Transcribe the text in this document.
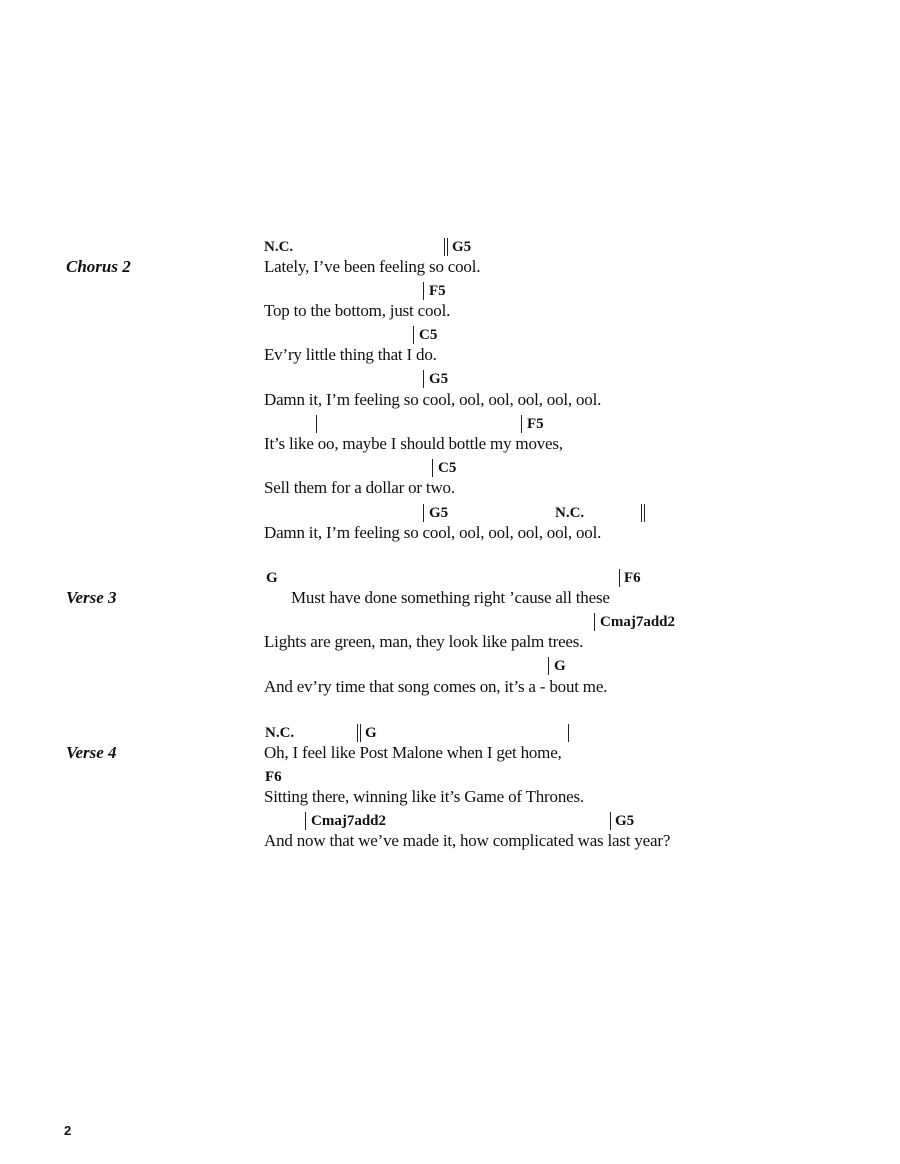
Chorus 2
N.C.	G5
Lately, I’ve been feeling so cool.
F5
Top to the bottom, just cool.
C5
Ev’ry little thing that I do.
G5
Damn it, I’m feeling so cool, ool, ool, ool, ool, ool.
F5
It’s like oo, maybe I should bottle my moves,
C5
Sell them for a dollar or two.
G5	N.C.
Damn it, I’m feeling so cool, ool, ool, ool, ool, ool.
Verse 3
G	F6
Must have done something right ’cause all these
Cmaj7add2
Lights are green, man, they look like palm trees.
G
And ev’ry time that song comes on, it’s a - bout me.
Verse 4
N.C.	G
Oh, I feel like Post Malone when I get home,
F6
Sitting there, winning like it’s Game of Thrones.
Cmaj7add2	G5
And now that we’ve made it, how complicated was last year?
2
